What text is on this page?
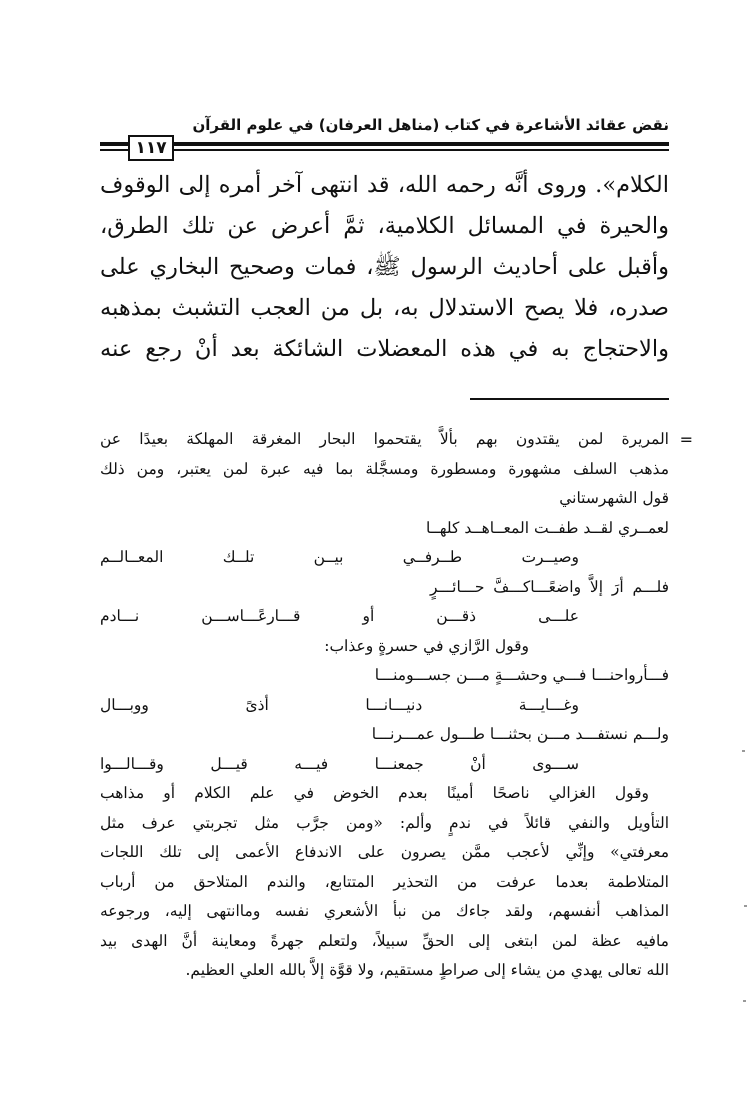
نقض عقائد الأشاعرة في كتاب (مناهل العرفان) في علوم القرآن
١١٧
الكلام». وروى أنَّه رحمه الله، قد انتهى آخر أمره إلى الوقوف
والحيرة في المسائل الكلامية، ثمَّ أعرض عن تلك الطرق،
وأقبل على أحاديث الرسول ﷺ، فمات وصحيح البخاري على
صدره، فلا يصح الاستدلال به، بل من العجب التشبث بمذهبه
والاحتجاج به في هذه المعضلات الشائكة بعد أنْ رجع عنه
=
المريرة لمن يقتدون بهم بألاَّ يقتحموا البحار المغرقة المهلكة بعيدًا عن
مذهب السلف مشهورة ومسطورة ومسجَّلة بما فيه عبرة لمن يعتبر، ومن ذلك
قول الشهرستاني
لعمــري لقــد طفــت المعــاهــد كلهــا
وصيــرت طــرفــي بيــن تلــك المعــالــم
فلـــم أرَ إلاَّ واضعًـــاكـــفَّ حـــائـــرٍ
علـــى ذقـــن أو قـــارعًـــاســـن نـــادم
وقول الرَّازي في حسرةٍ وعذاب:
فـــأرواحنـــا فـــي وحشـــةٍ مـــن جســـومنـــا
وغـــايـــة دنيـــانـــا أذىً ووبـــال
ولـــم نستفـــد مـــن بحثنـــا طـــول عمـــرنـــا
ســـوى أنْ جمعنـــا فيـــه قيـــل وقـــالـــوا
وقول الغزالي ناصحًا أمينًا بعدم الخوض في علم الكلام أو مذاهب
التأويل والنفي قائلاً في ندمٍ وألم: «ومن جرَّب مثل تجربتي عرف مثل
معرفتي» وإنِّي لأعجب ممَّن يصرون على الاندفاع الأعمى إلى تلك اللجات
المتلاطمة بعدما عرفت من التحذير المتتابع، والندم المتلاحق من أرباب
المذاهب أنفسهم، ولقد جاءك من نبأ الأشعري نفسه وماانتهى إليه، ورجوعه
مافيه عظة لمن ابتغى إلى الحقِّ سبيلاً، ولتعلم جهرةً ومعاينة أنَّ الهدى بيد
الله تعالى يهدي من يشاء إلى صراطٍ مستقيم، ولا قوَّة إلاَّ بالله العلي العظيم.
